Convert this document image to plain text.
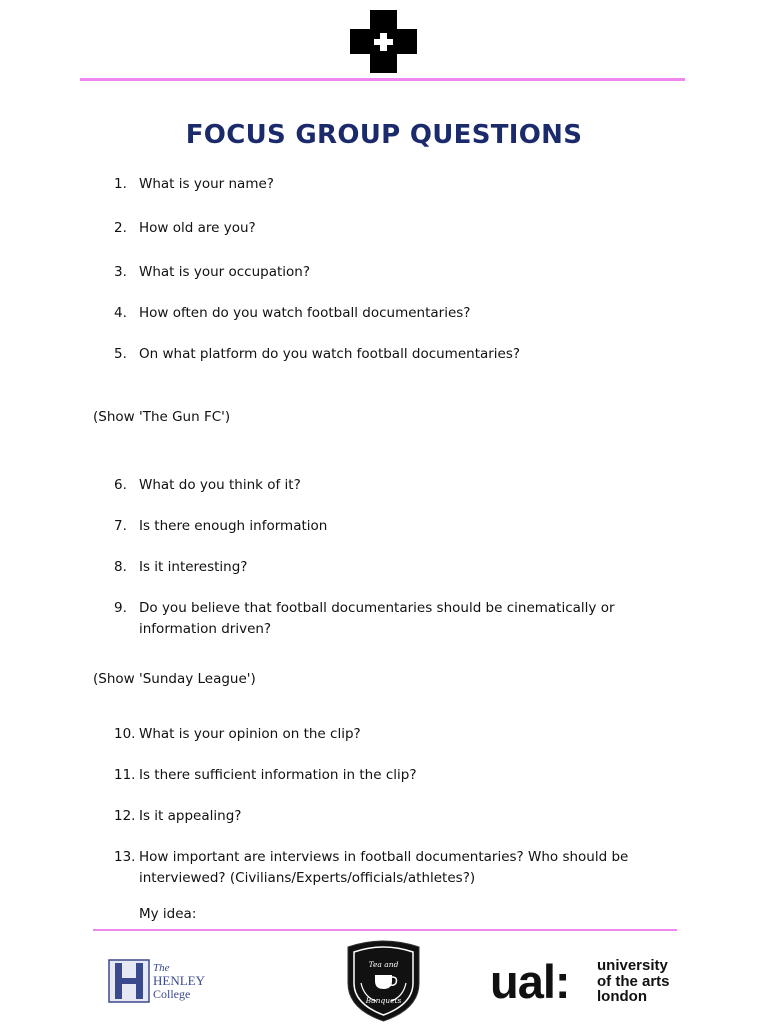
FOCUS GROUP QUESTIONS
1. What is your name?
2. How old are you?
3. What is your occupation?
4. How often do you watch football documentaries?
5. On what platform do you watch football documentaries?
(Show 'The Gun FC')
6. What do you think of it?
7. Is there enough information
8. Is it interesting?
9. Do you believe that football documentaries should be cinematically or information driven?
(Show 'Sunday League')
10. What is your opinion on the clip?
11. Is there sufficient information in the clip?
12. Is it appealing?
13. How important are interviews in football documentaries? Who should be interviewed? (Civilians/Experts/officials/athletes?)
My idea:
The
HENLEY
College
Tea and
Banquets ual: university
of the arts
london
